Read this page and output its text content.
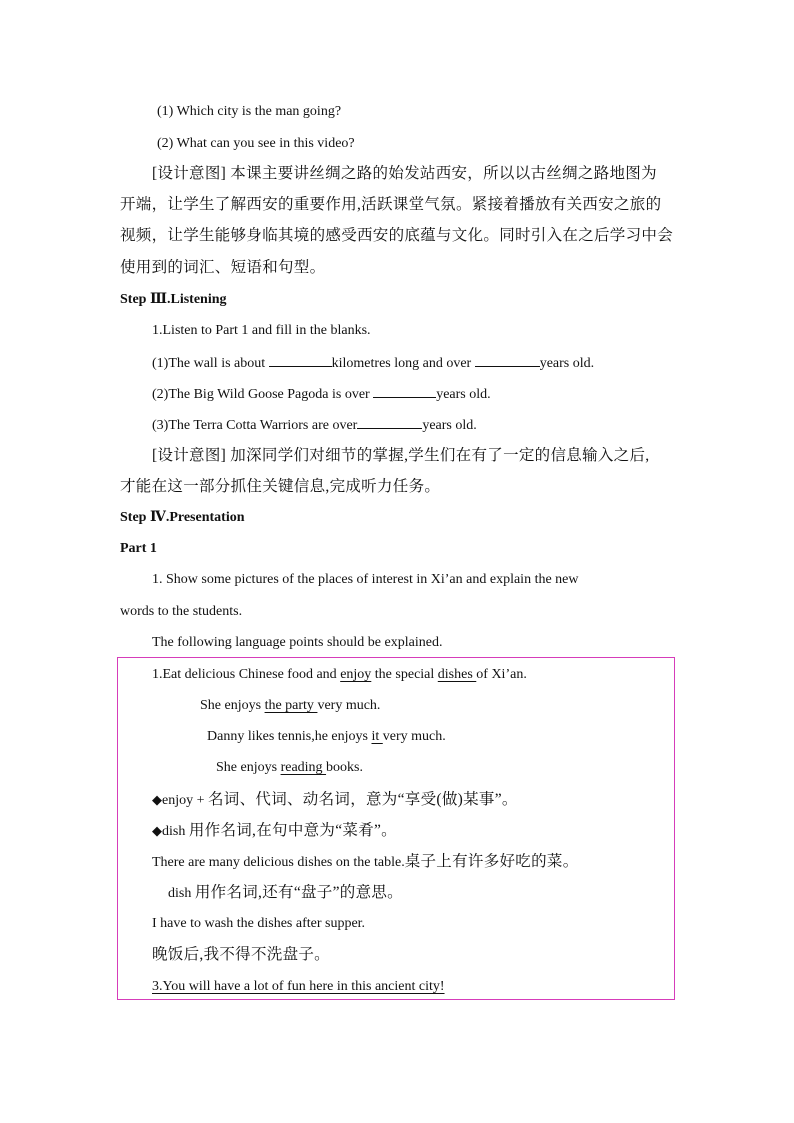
(1) Which city is the man going?
(2) What can you see in this video?
[设计意图] 本课主要讲丝绸之路的始发站西安，所以以古丝绸之路地图为
开端，让学生了解西安的重要作用,活跃课堂气氛。紧接着播放有关西安之旅的
视频，让学生能够身临其境的感受西安的底蕴与文化。同时引入在之后学习中会
使用到的词汇、短语和句型。
Step Ⅲ.Listening
1.Listen to Part 1 and fill in the blanks.
(1)The wall is about	kilometres long and over	years old.
(2)The Big Wild Goose Pagoda is over	years old.
(3)The Terra Cotta Warriors are over	years old.
[设计意图] 加深同学们对细节的掌握,学生们在有了一定的信息输入之后,
才能在这一部分抓住关键信息,完成听力任务。
Step Ⅳ.Presentation
Part 1
1. Show some pictures of the places of interest in Xi’an and explain the new
words to the students.
The following language points should be explained.
1.Eat delicious Chinese food and enjoy the special dishes of Xi’an.
She enjoys the party very much.
Danny likes tennis,he enjoys it very much.
She enjoys reading books.
◆enjoy + 名词、代词、动名词，意为“享受(做)某事”。
◆dish 用作名词,在句中意为“菜肴”。
There are many delicious dishes on the table.桌子上有许多好吃的菜。
dish 用作名词,还有“盘子”的意思。
I have to wash the dishes after supper.
晚饭后,我不得不洗盘子。
3.You will have a lot of fun here in this ancient city!
